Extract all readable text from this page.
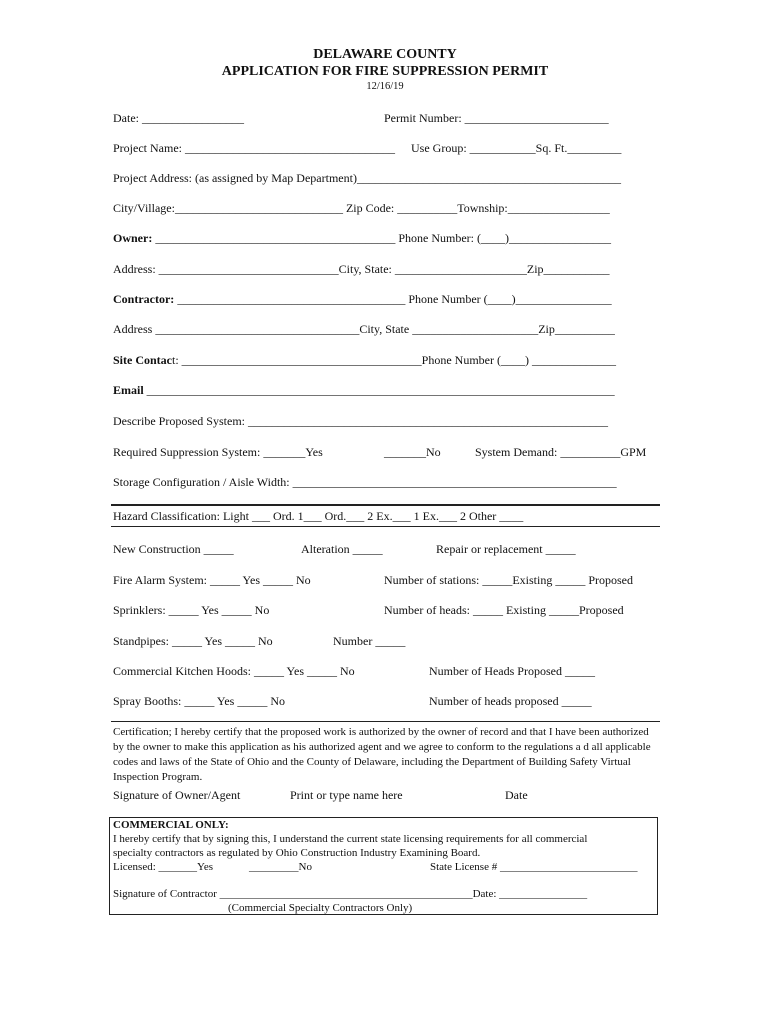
DELAWARE COUNTY
APPLICATION FOR FIRE SUPPRESSION PERMIT
12/16/19
Date: _________________	Permit Number: ________________________
Project Name: ___________________________________ Use Group: ___________Sq. Ft._________
Project Address: (as assigned by Map Department)____________________________________________
City/Village:____________________________ Zip Code: __________Township:_________________
Owner: ________________________________________ Phone Number: (____)_________________
Address: ______________________________City, State: ______________________Zip___________
Contractor: ______________________________________ Phone Number (____)________________
Address __________________________________City, State _____________________Zip__________
Site Contact: ________________________________________Phone Number (____) ______________
Email ______________________________________________________________________________
Describe Proposed System: ____________________________________________________________
Required Suppression System: _______Yes	_______No	System Demand: __________GPM
Storage Configuration / Aisle Width: ______________________________________________________
Hazard Classification: Light ___ Ord. 1___ Ord.___ 2 Ex.___ 1 Ex.___ 2 Other ____
New Construction _____	Alteration _____	Repair or replacement _____
Fire Alarm System: _____ Yes _____ No	Number of stations: _____Existing _____ Proposed
Sprinklers: _____ Yes _____ No	Number of heads: _____ Existing _____Proposed
Standpipes: _____ Yes _____ No	Number _____
Commercial Kitchen Hoods: _____ Yes _____ No	Number of Heads Proposed _____
Spray Booths: _____ Yes _____ No	Number of heads proposed _____
Certification; I hereby certify that the proposed work is authorized by the owner of record and that I have been authorized by the owner to make this application as his authorized agent and we agree to conform to the regulations a d all applicable codes and laws of the State of Ohio and the County of Delaware, including the Department of Building Safety Virtual Inspection Program.
Signature of Owner/Agent	Print or type name here	Date
COMMERCIAL ONLY:
I hereby certify that by signing this, I understand the current state licensing requirements for all commercial
specialty contractors as regulated by Ohio Construction Industry Examining Board.
Licensed: _______Yes	_________No	State License # _________________________
Signature of Contractor ______________________________________________Date: ________________
(Commercial Specialty Contractors Only)
